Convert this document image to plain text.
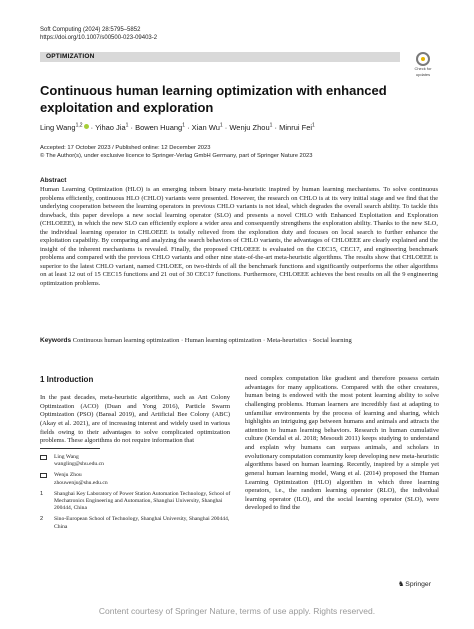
Soft Computing (2024) 28:5795–5852
https://doi.org/10.1007/s00500-023-09403-2
OPTIMIZATION
Check for
updates
Continuous human learning optimization with enhanced exploitation and exploration
Ling Wang$^{1,2}$ · Yihao Jia$^1$ · Bowen Huang$^1$ · Xian $Wu^1$ · Wenju Zhou$^1$ · Minrui Fei$^1$
Accepted: 17 October 2023 / Published online: 12 December 2023
© The Author(s), under exclusive licence to Springer-Verlag GmbH Germany, part of Springer Nature 2023
Abstract
Human Learning Optimization (HLO) is an emerging inborn binary meta-heuristic inspired by human learning mechanisms. To solve continuous problems efficiently, continuous HLO (CHLO) variants were presented. However, the research on CHLO is at its very initial stage and we find that the underlying cooperation between the learning operators in previous CHLO variants is not ideal, which degrades the overall search ability. To tackle this drawback, this paper develops a new social learning operator (SLO) and presents a novel CHLO with Enhanced Exploitation and Exploration (CHLOEEE), in which the new SLO can efficiently explore a wider area and consequently strengthens the exploration ability. Thanks to the new SLO, the individual learning operator in CHLOEEE is totally relieved from the exploration duty and focuses on local search to further enhance the exploitation capability. By comparing and analyzing the search behaviors of CHLO variants, the advantages of CHLOEEE are clearly explained and the insight of the inherent mechanisms is revealed. Finally, the proposed CHLOEEE is evaluated on the CEC15, CEC17, and engineering benchmark problems and compared with the previous CHLO variants and other nine state-of-the-art meta-heuristic algorithms. The results show that CHLOEEE is superior to the latest CHLO variant, named CHLOEE, on two-thirds of all the benchmark functions and significantly outperforms the other algorithms on at least 12 out of 15 CEC15 functions and 21 out of 30 CEC17 functions. Furthermore, CHLOEEE achieves the best results on all the 9 engineering optimization problems.
Keywords Continuous human learning optimization · Human learning optimization · Meta-heuristics · Social learning
1 Introduction
In the past decades, meta-heuristic algorithms, such as Ant Colony Optimization (ACO) (Duan and Yong 2016), Particle Swarm Optimization (PSO) (Bansal 2019), and Artificial Bee Colony (ABC) (Akay et al. 2021), are of increasing interest and widely used in various fields owing to their advantages to solve complicated optimization problems. These algorithms do not require information that
need complex computation like gradient and therefore possess certain advantages for many applications. Compared with the other creatures, human being is endowed with the most potent learning ability to solve challenging problems. Human learners are incredibly fast at adapting to unfamiliar environments by the process of learning and sharing, which highlights an intriguing gap between humans and animals and attracts the attention to human learning behaviors. Research in human cumulative culture (Kendal et al. 2018; Mesoudi 2011) keeps studying to understand and explain why humans can surpass animals, and scholars in evolutionary computation community keep developing new meta-heuristic algorithms based on human learning. Recently, inspired by a simple yet general human learning model, Wang et al. (2014) proposed the Human Learning Optimization (HLO) algorithm in which three learning operators, i.e., the random learning operator (RLO), the individual learning operator (ILO), and the social learning operator (SLO), were developed to find the
Ling Wang
wangling@shu.edu.cn
Wenju Zhou
zhouwenju@shu.edu.cn
1	Shanghai Key Laboratory of Power Station Automation Technology, School of Mechatronics Engineering and Automation, Shanghai University, Shanghai 200444, China
2	Sino-European School of Technology, Shanghai University, Shanghai 200444, China
♞Springer
Content courtesy of Springer Nature, terms of use apply. Rights reserved.
